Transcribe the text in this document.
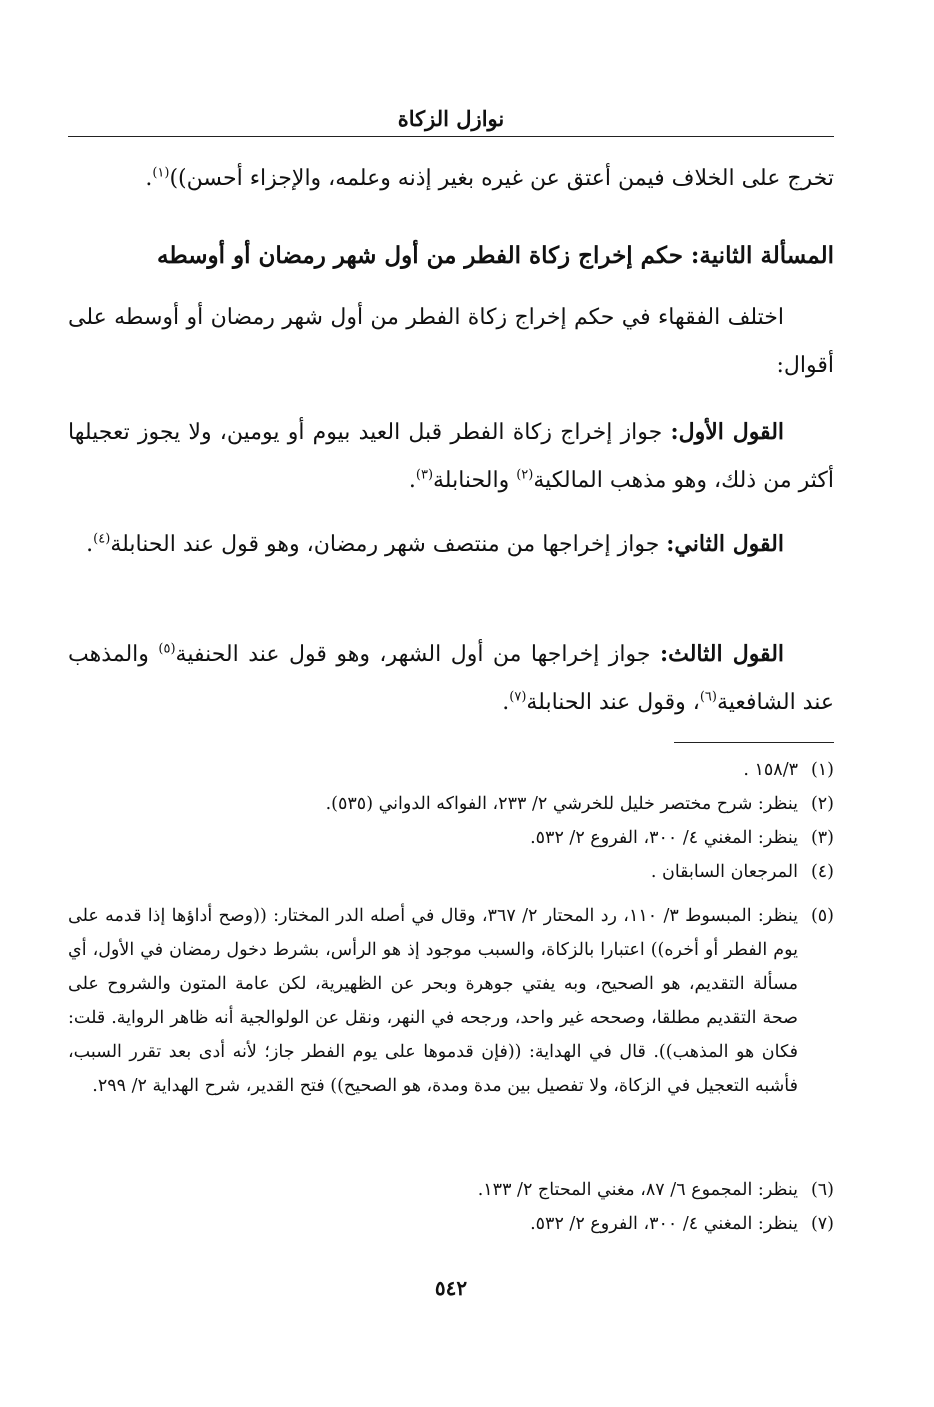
نوازل الزكاة

تخرج على الخلاف فيمن أعتق عن غيره بغير إذنه وعلمه، والإجزاء أحسن))$^{(١)}$.

المسألة الثانية: حكم إخراج زكاة الفطر من أول شهر رمضان أو أوسطه

اختلف الفقهاء في حكم إخراج زكاة الفطر من أول شهر رمضان أو أوسطه على أقوال:

القول الأول: جواز إخراج زكاة الفطر قبل العيد بيوم أو يومين، ولا يجوز تعجيلها أكثر من ذلك، وهو مذهب المالكية$^{(٢)}$ والحنابلة$^{(٣)}$.

القول الثاني: جواز إخراجها من منتصف شهر رمضان، وهو قول عند الحنابلة$^{(٤)}$.

القول الثالث: جواز إخراجها من أول الشهر، وهو قول عند الحنفية$^{(٥)}$ والمذهب عند الشافعية$^{(٦)}$، وقول عند الحنابلة$^{(٧)}$.

(١)١٥٨/٣ .

(٢)ينظر: شرح مختصر خليل للخرشي ٢/ ٢٣٣، الفواكه الدواني (٥٣٥).

(٣)ينظر: المغني ٤/ ٣٠٠، الفروع ٢/ ٥٣٢.

(٤)المرجعان السابقان .

(٥)
ينظر: المبسوط ٣/ ١١٠، رد المحتار ٢/ ٣٦٧، وقال في أصله الدر المختار: ((وصح أداؤها إذا قدمه على يوم الفطر أو أخره)) اعتبارا بالزكاة، والسبب موجود إذ هو الرأس، بشرط دخول رمضان في الأول، أي مسألة التقديم، هو الصحيح، وبه يفتي جوهرة وبحر عن الظهيرية، لكن عامة المتون والشروح على صحة التقديم مطلقا، وصححه غير واحد، ورجحه في النهر، ونقل عن الولوالجية أنه ظاهر الرواية. قلت: فكان هو المذهب)). قال في الهداية: ((فإن قدموها على يوم الفطر جاز؛ لأنه أدى بعد تقرر السبب، فأشبه التعجيل في الزكاة، ولا تفصيل بين مدة ومدة، هو الصحيح)) فتح القدير، شرح الهداية ٢/ ٢٩٩.

(٦)ينظر: المجموع ٦/ ٨٧، مغني المحتاج ٢/ ١٣٣.

(٧)ينظر: المغني ٤/ ٣٠٠، الفروع ٢/ ٥٣٢.

٥٤٢
